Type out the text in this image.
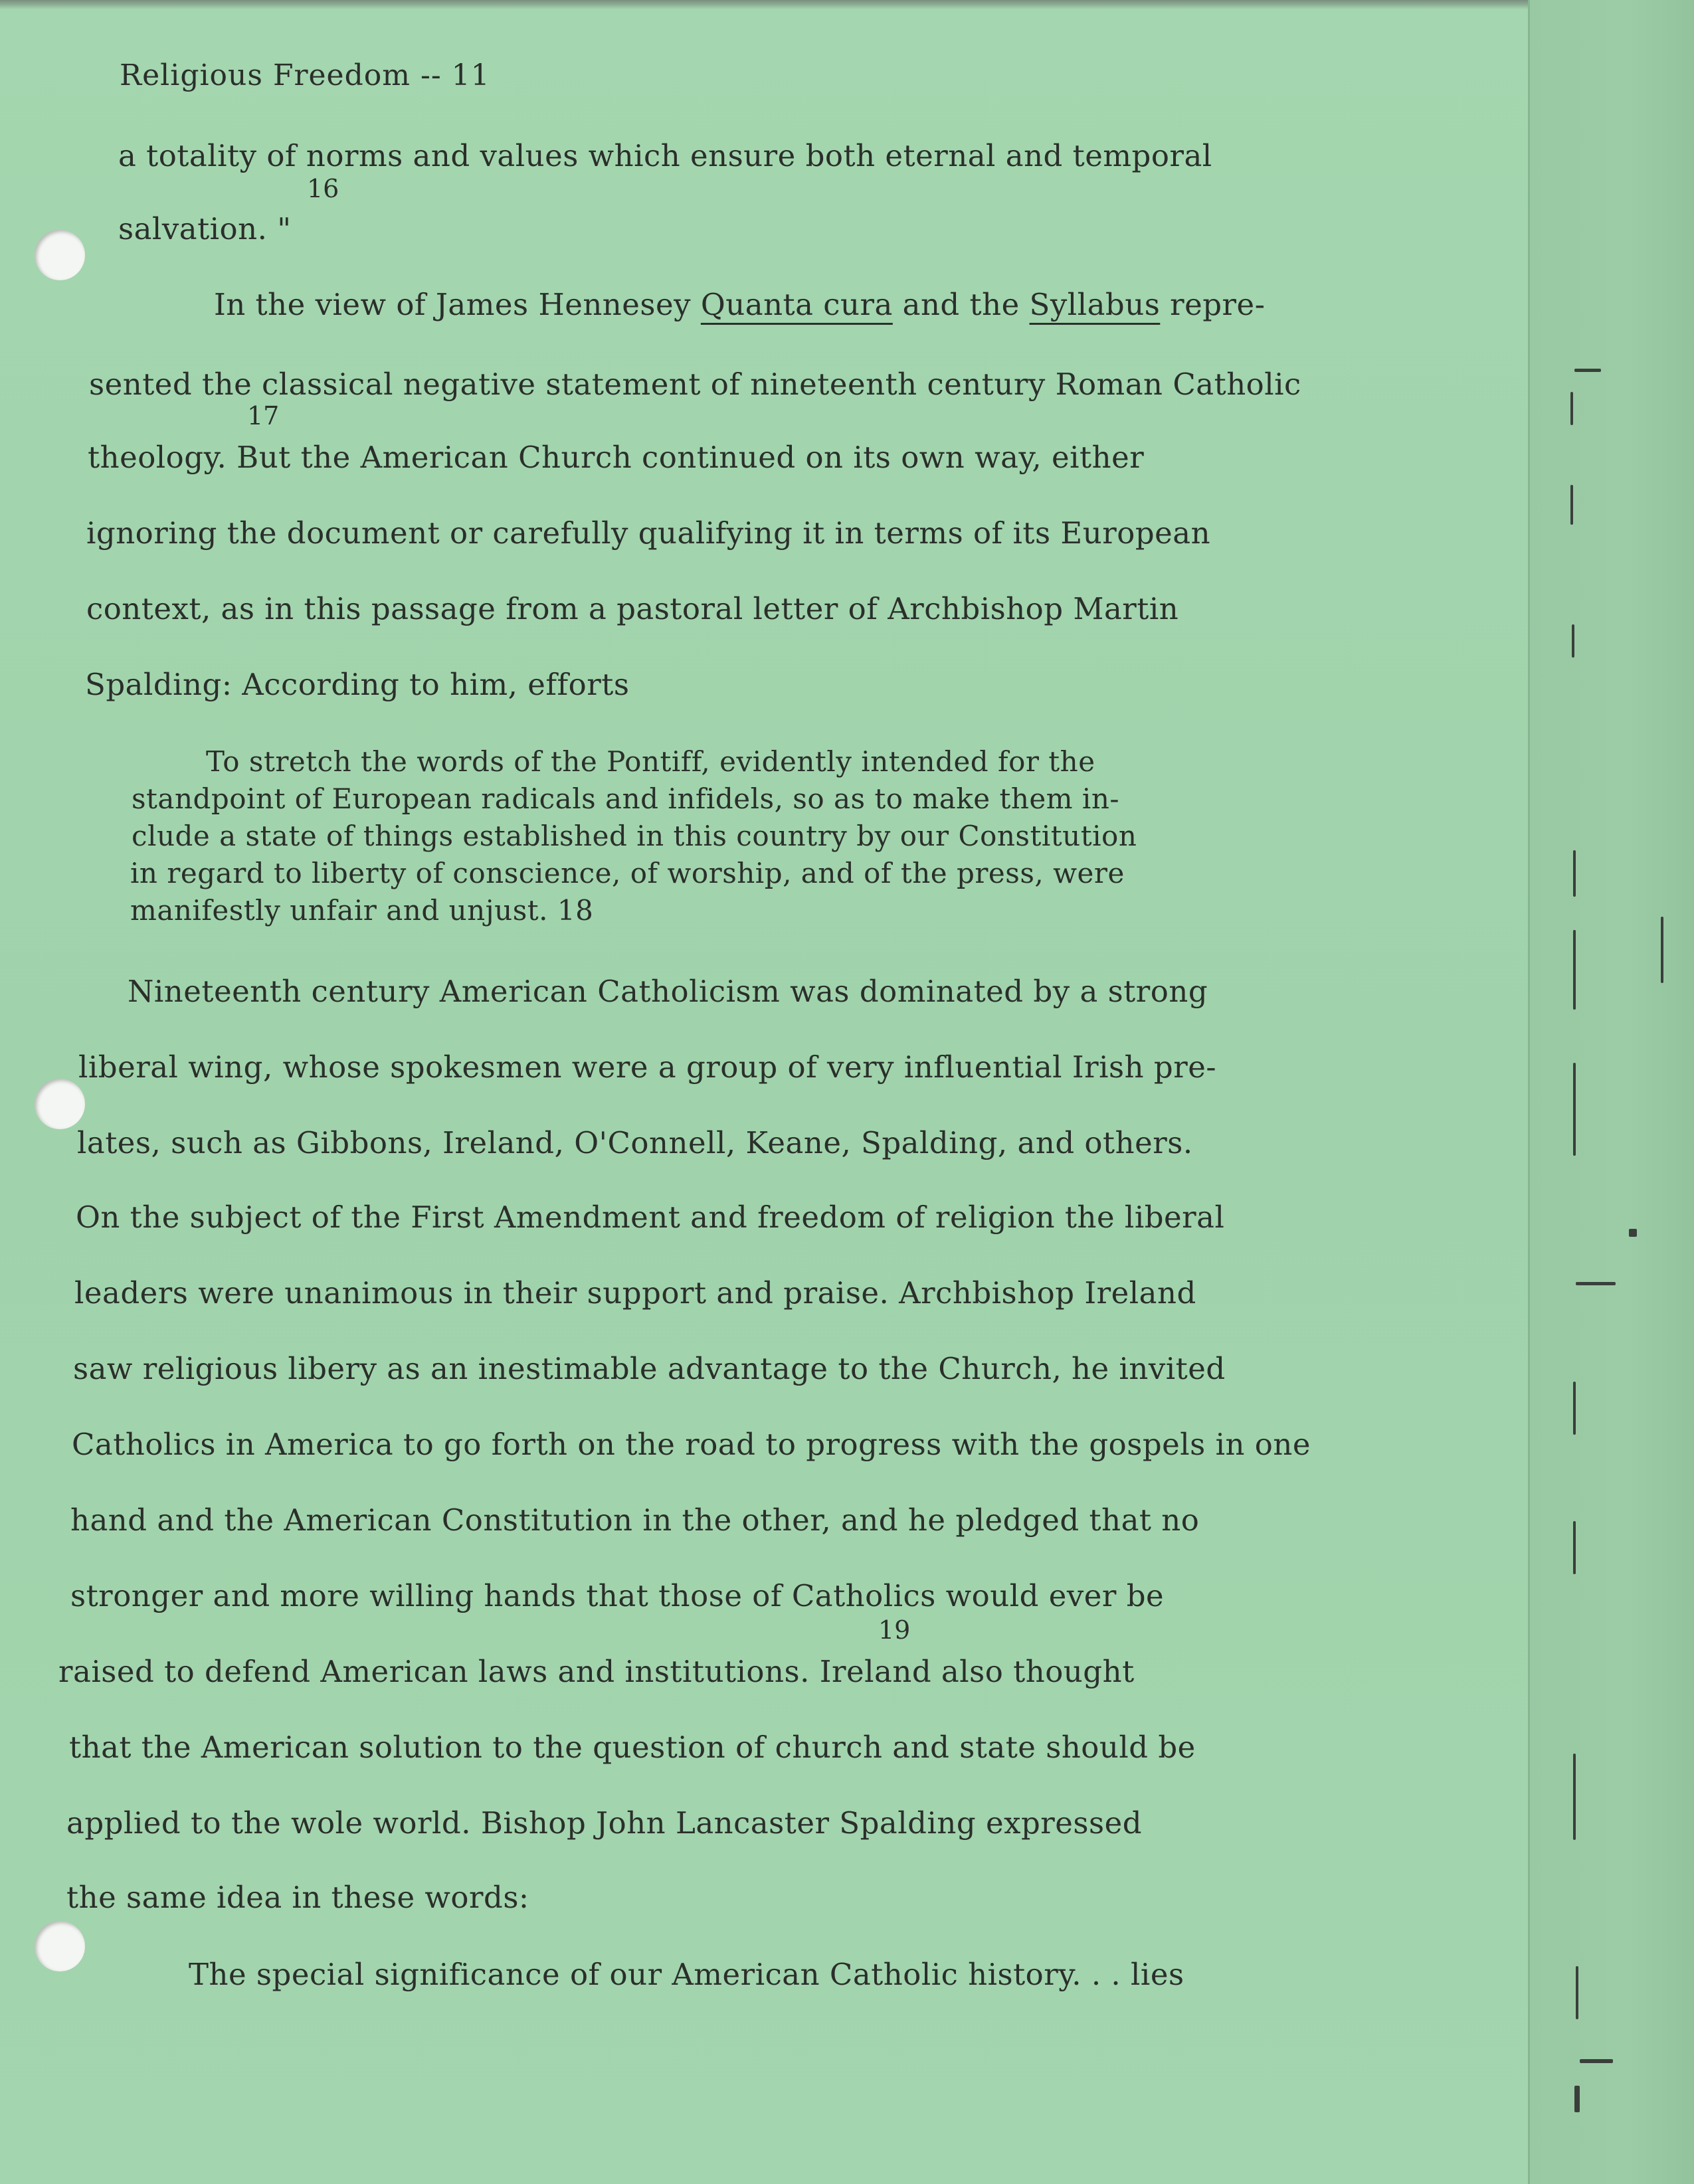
Religious Freedom -- 11
a totality of norms and values which ensure both eternal and temporal
16
salvation. "
In the view of James Hennesey Quanta cura and the Syllabus repre-
sented the classical negative statement of nineteenth century Roman Catholic
17
theology. But the American Church continued on its own way, either
ignoring the document or carefully qualifying it in terms of its European
context, as in this passage from a pastoral letter of Archbishop Martin
Spalding: According to him, efforts
To stretch the words of the Pontiff, evidently intended for the
standpoint of European radicals and infidels, so as to make them in-
clude a state of things established in this country by our Constitution
in regard to liberty of conscience, of worship, and of the press, were
manifestly unfair and unjust. 18
Nineteenth century American Catholicism was dominated by a strong
liberal wing, whose spokesmen were a group of very influential Irish pre-
lates, such as Gibbons, Ireland, O'Connell, Keane, Spalding, and others.
On the subject of the First Amendment and freedom of religion the liberal
leaders were unanimous in their support and praise. Archbishop Ireland
saw religious libery as an inestimable advantage to the Church, he invited
Catholics in America to go forth on the road to progress with the gospels in one
hand and the American Constitution in the other, and he pledged that no
stronger and more willing hands that those of Catholics would ever be
19
raised to defend American laws and institutions. Ireland also thought
that the American solution to the question of church and state should be
applied to the wole world. Bishop John Lancaster Spalding expressed
the same idea in these words:
The special significance of our American Catholic history. . . lies
